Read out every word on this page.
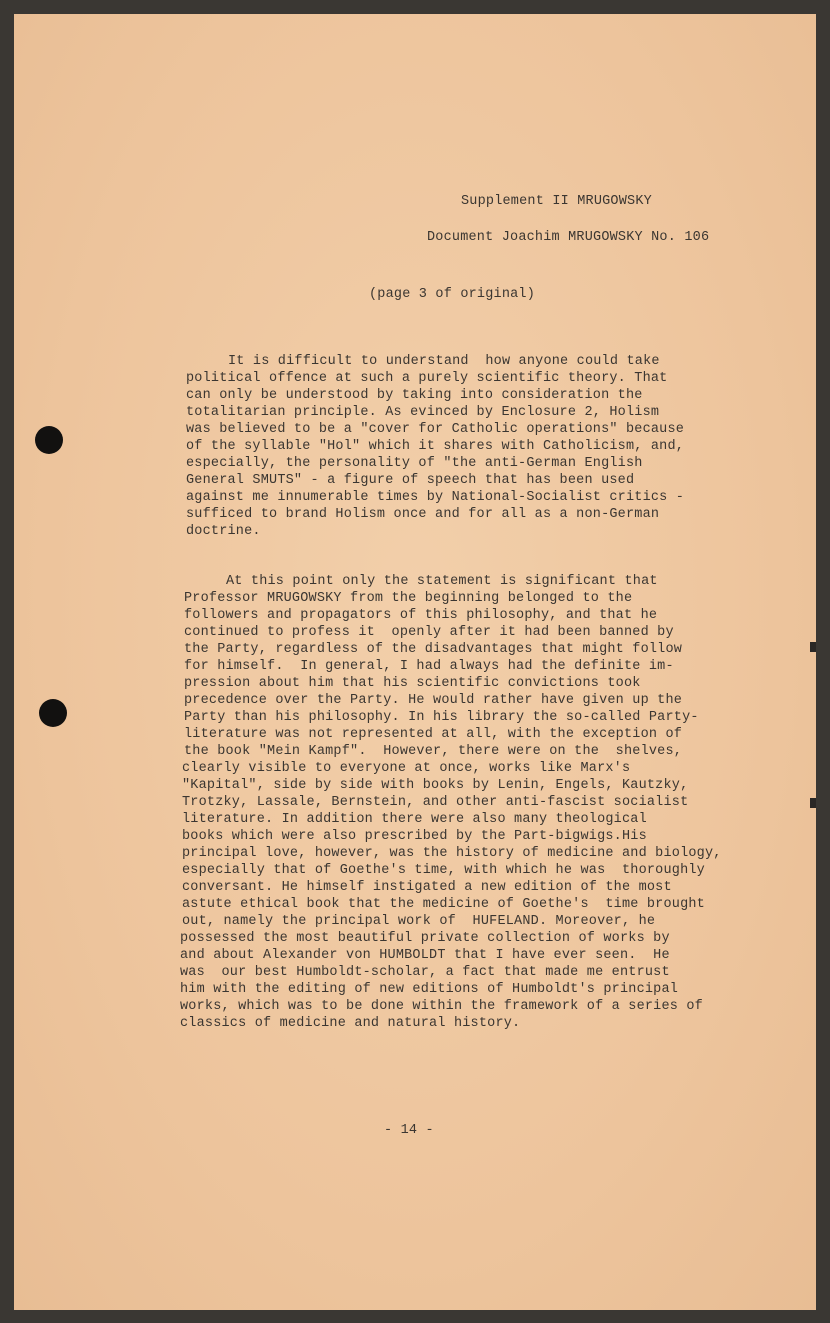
Supplement II MRUGOWSKY
Document Joachim MRUGOWSKY No. 106
(page 3 of original)

It is difficult to understand  how anyone could take

political offence at such a purely scientific theory. That

can only be understood by taking into consideration the

totalitarian principle. As evinced by Enclosure 2, Holism

was believed to be a "cover for Catholic operations" because

of the syllable "Hol" which it shares with Catholicism, and,

especially, the personality of "the anti-German English

General SMUTS" - a figure of speech that has been used

against me innumerable times by National-Socialist critics -

sufficed to brand Holism once and for all as a non-German

doctrine.

At this point only the statement is significant that

Professor MRUGOWSKY from the beginning belonged to the

followers and propagators of this philosophy, and that he

continued to profess it  openly after it had been banned by

the Party, regardless of the disadvantages that might follow

for himself.  In general, I had always had the definite im-

pression about him that his scientific convictions took

precedence over the Party. He would rather have given up the

Party than his philosophy. In his library the so-called Party-

literature was not represented at all, with the exception of

the book "Mein Kampf".  However, there were on the  shelves,

clearly visible to everyone at once, works like Marx's

"Kapital", side by side with books by Lenin, Engels, Kautzky,

Trotzky, Lassale, Bernstein, and other anti-fascist socialist

literature. In addition there were also many theological

books which were also prescribed by the Part-bigwigs.His

principal love, however, was the history of medicine and biology,

especially that of Goethe's time, with which he was  thoroughly

conversant. He himself instigated a new edition of the most

astute ethical book that the medicine of Goethe's  time brought

out, namely the principal work of  HUFELAND. Moreover, he

possessed the most beautiful private collection of works by

and about Alexander von HUMBOLDT that I have ever seen.  He

was  our best Humboldt-scholar, a fact that made me entrust

him with the editing of new editions of Humboldt's principal

works, which was to be done within the framework of a series of

classics of medicine and natural history.

- 14 -
